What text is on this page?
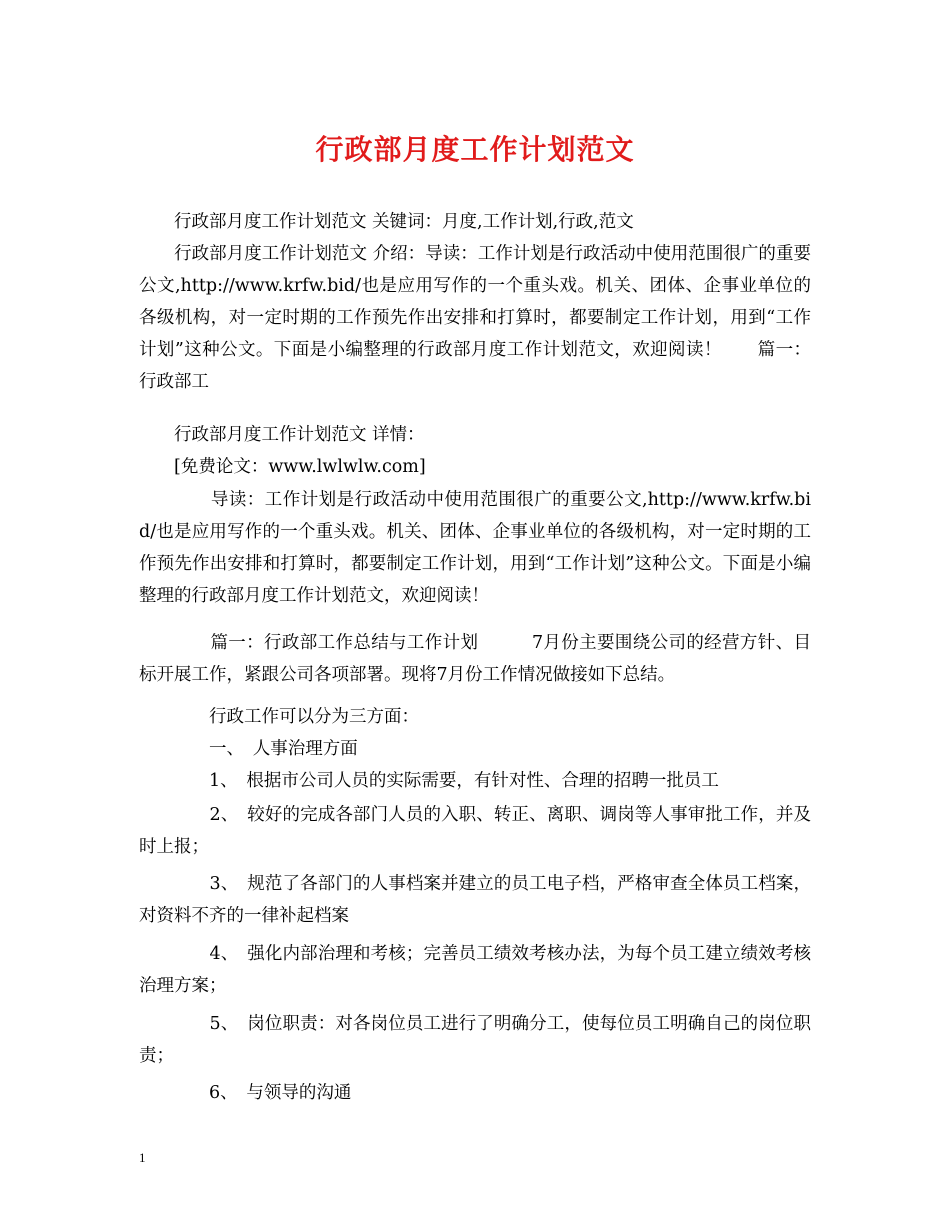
行政部月度工作计划范文

　　行政部月度工作计划范文 关键词：月度,工作计划,行政,范文

　　行政部月度工作计划范文 介绍：导读：工作计划是行政活动中使用范围很广的重要公文,http://www.krfw.bid/也是应用写作的一个重头戏。机关、团体、企事业单位的各级机构，对一定时期的工作预先作出安排和打算时，都要制定工作计划，用到“工作计划”这种公文。下面是小编整理的行政部月度工作计划范文，欢迎阅读！　　篇一：行政部工

　　行政部月度工作计划范文 详情：

　　[免费论文：www.lwlwlw.com]

　　　　导读：工作计划是行政活动中使用范围很广的重要公文,http://www.krfw.bid/也是应用写作的一个重头戏。机关、团体、企事业单位的各级机构，对一定时期的工作预先作出安排和打算时，都要制定工作计划，用到“工作计划”这种公文。下面是小编整理的行政部月度工作计划范文，欢迎阅读！

　　　　篇一：行政部工作总结与工作计划　　　7月份主要围绕公司的经营方针、目标开展工作，紧跟公司各项部署。现将7月份工作情况做接如下总结。

　　　　行政工作可以分为三方面：

　　　　一、　人事治理方面

　　　　1、　根据市公司人员的实际需要，有针对性、合理的招聘一批员工

　　　　2、　较好的完成各部门人员的入职、转正、离职、调岗等人事审批工作，并及时上报；

　　　　3、　规范了各部门的人事档案并建立的员工电子档，严格审查全体员工档案，对资料不齐的一律补起档案

　　　　4、　强化内部治理和考核；完善员工绩效考核办法，为每个员工建立绩效考核治理方案；

　　　　5、　岗位职责：对各岗位员工进行了明确分工，使每位员工明确自己的岗位职责；

　　　　6、　与领导的沟通

1
